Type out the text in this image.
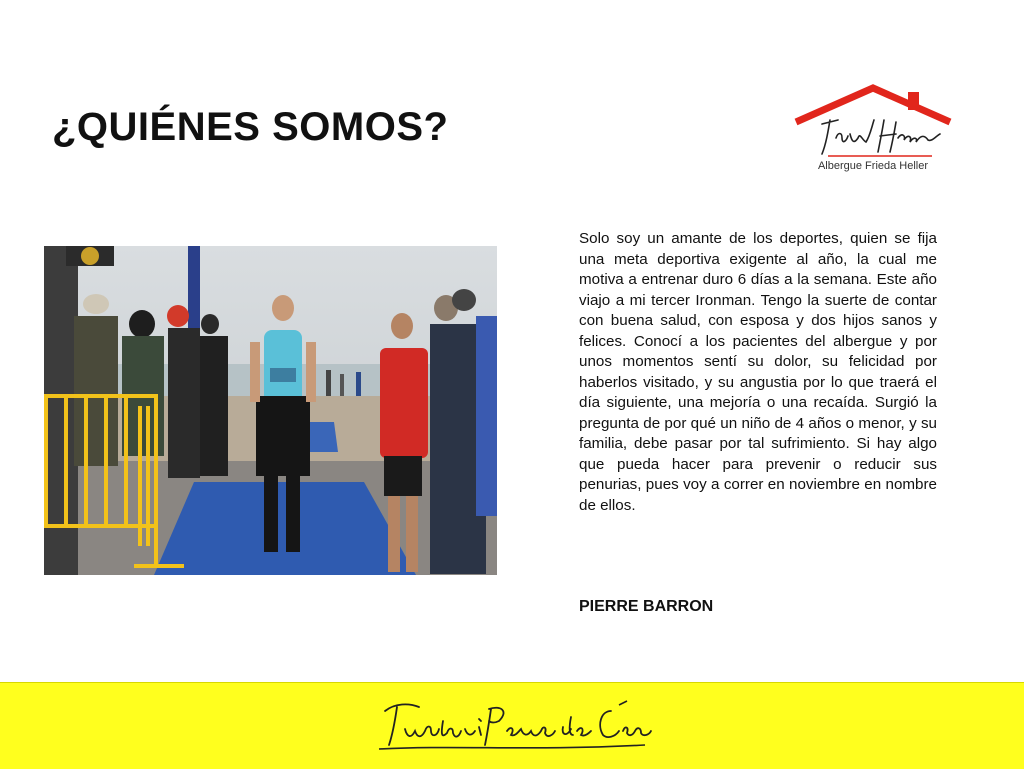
¿QUIÉNES SOMOS?
Albergue Frieda Heller
Solo soy un amante de los deportes, quien se fija una meta deportiva exigente al año, la cual me motiva a entrenar duro 6 días a la semana. Este año viajo a mi tercer Ironman. Tengo la suerte de contar con buena salud, con esposa y dos hijos sanos y felices. Conocí a los pacientes del albergue y por unos momentos sentí su dolor, su felicidad por haberlos visitado, y su angustia por lo que traerá el día siguiente, una mejoría o una recaída. Surgió la pregunta de por qué un niño de 4 años o menor, y su familia, debe pasar por tal sufrimiento. Si hay algo que pueda hacer para prevenir o reducir sus penurias, pues voy a correr en noviembre en nombre de ellos.
PIERRE BARRON
